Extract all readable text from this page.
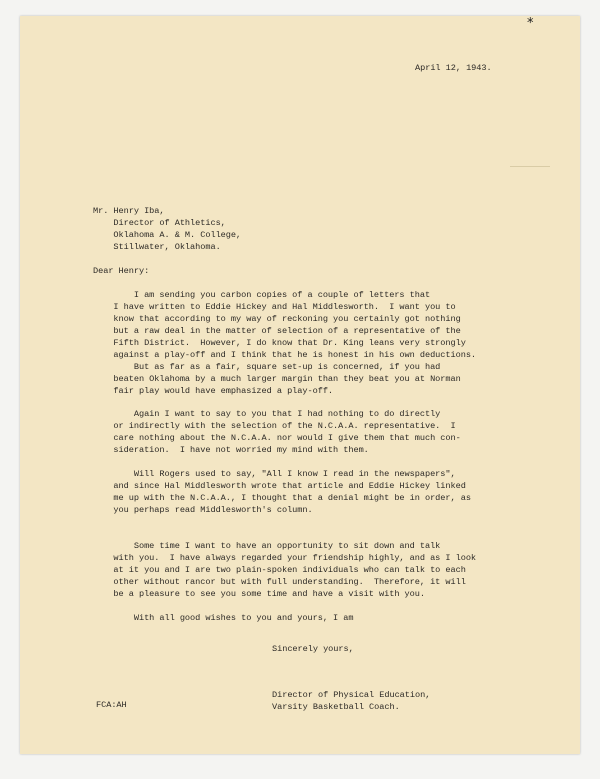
*
April 12, 1943.
Mr. Henry Iba,
Director of Athletics,
Oklahoma A. & M. College,
Stillwater, Oklahoma.
Dear Henry:
I am sending you carbon copies of a couple of letters that
I have written to Eddie Hickey and Hal Middlesworth.  I want you to
know that according to my way of reckoning you certainly got nothing
but a raw deal in the matter of selection of a representative of the
Fifth District.  However, I do know that Dr. King leans very strongly
against a play-off and I think that he is honest in his own deductions.
But as far as a fair, square set-up is concerned, if you had
beaten Oklahoma by a much larger margin than they beat you at Norman
fair play would have emphasized a play-off.
Again I want to say to you that I had nothing to do directly
or indirectly with the selection of the N.C.A.A. representative.  I
care nothing about the N.C.A.A. nor would I give them that much con-
sideration.  I have not worried my mind with them.
Will Rogers used to say, "All I know I read in the newspapers",
and since Hal Middlesworth wrote that article and Eddie Hickey linked
me up with the N.C.A.A., I thought that a denial might be in order, as
you perhaps read Middlesworth's column.
Some time I want to have an opportunity to sit down and talk
with you.  I have always regarded your friendship highly, and as I look
at it you and I are two plain-spoken individuals who can talk to each
other without rancor but with full understanding.  Therefore, it will
be a pleasure to see you some time and have a visit with you.
With all good wishes to you and yours, I am
Sincerely yours,
FCA:AH
Director of Physical Education,
Varsity Basketball Coach.
